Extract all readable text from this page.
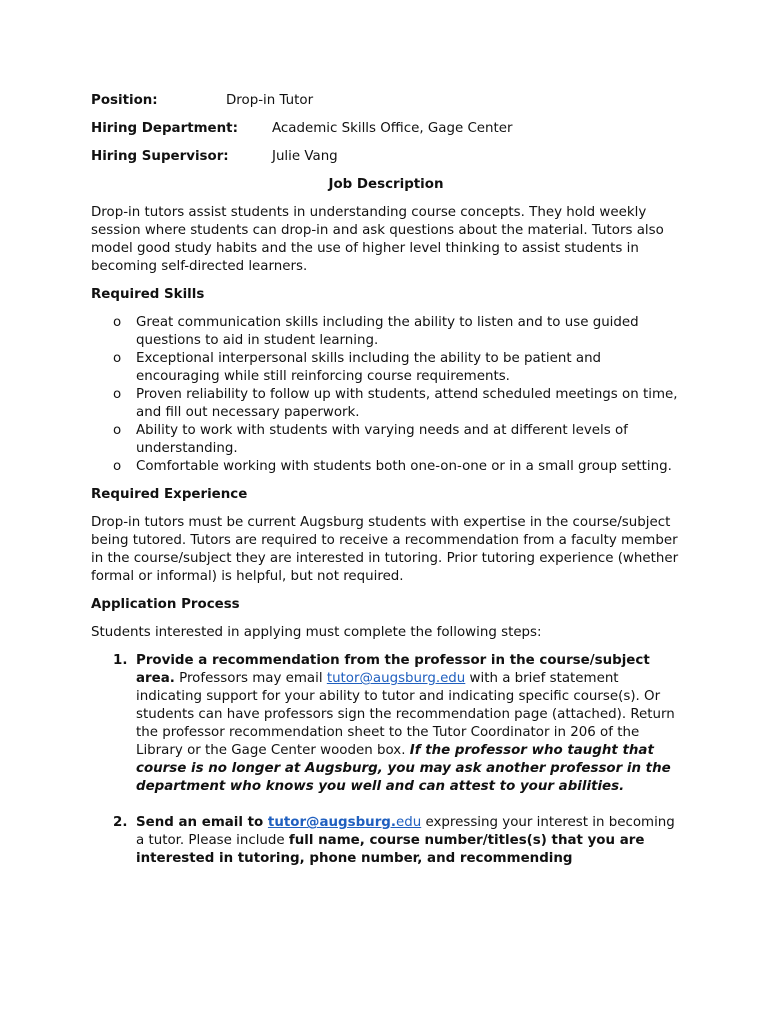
Position:	Drop-in Tutor
Hiring Department:	Academic Skills Office, Gage Center
Hiring Supervisor:	Julie Vang
Job Description

Drop-in tutors assist students in understanding course concepts. They hold weekly session where students can drop-in and ask questions about the material. Tutors also model good study habits and the use of higher level thinking to assist students in becoming self-directed learners.

Required Skills
o Great communication skills including the ability to listen and to use guided questions to aid in student learning.
o Exceptional interpersonal skills including the ability to be patient and encouraging while still reinforcing course requirements.
o Proven reliability to follow up with students, attend scheduled meetings on time, and fill out necessary paperwork.
o Ability to work with students with varying needs and at different levels of understanding.
o Comfortable working with students both one-on-one or in a small group setting.
Required Experience

Drop-in tutors must be current Augsburg students with expertise in the course/subject being tutored. Tutors are required to receive a recommendation from a faculty member in the course/subject they are interested in tutoring. Prior tutoring experience (whether formal or informal) is helpful, but not required.

Application Process

Students interested in applying must complete the following steps:

1. Provide a recommendation from the professor in the course/subject area. Professors may email tutor@augsburg.edu with a brief statement indicating support for your ability to tutor and indicating specific course(s). Or students can have professors sign the recommendation page (attached). Return the professor recommendation sheet to the Tutor Coordinator in 206 of the Library or the Gage Center wooden box. If the professor who taught that course is no longer at Augsburg, you may ask another professor in the department who knows you well and can attest to your abilities.
2. Send an email to tutor@augsburg.edu expressing your interest in becoming a tutor. Please include full name, course number/titles(s) that you are interested in tutoring, phone number, and recommending
